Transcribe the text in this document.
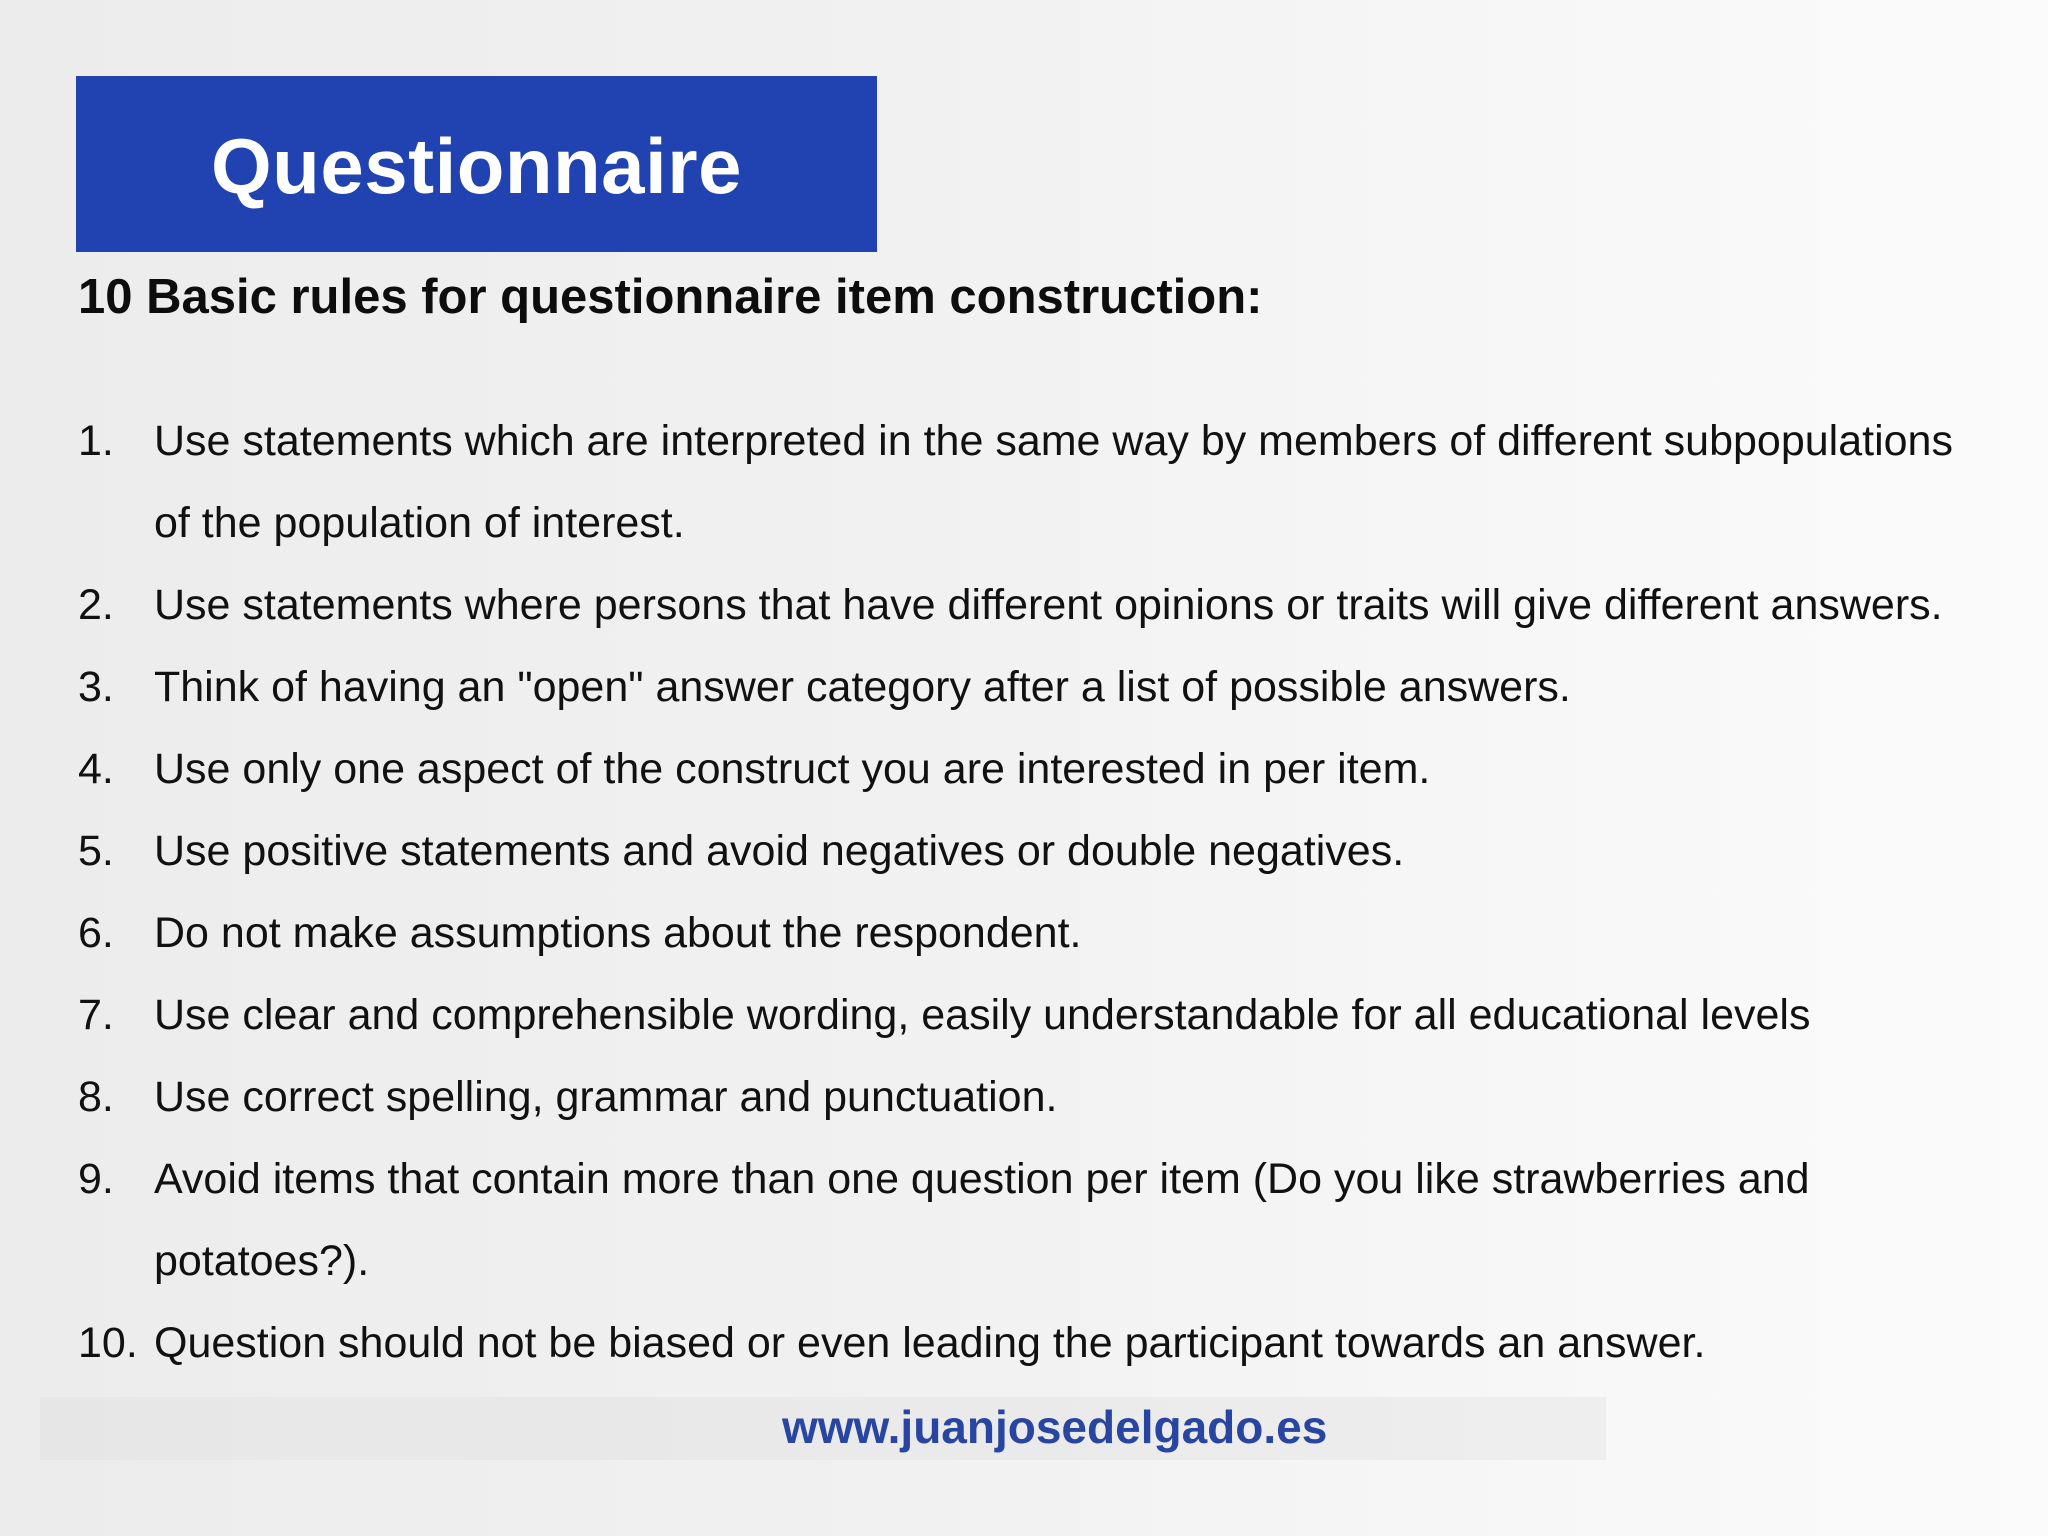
Questionnaire
10 Basic rules for questionnaire item construction:
1. Use statements which are interpreted in the same way by members of different subpopulations of the population of interest.
2. Use statements where persons that have different opinions or traits will give different answers.
3. Think of having an "open" answer category after a list of possible answers.
4. Use only one aspect of the construct you are interested in per item.
5. Use positive statements and avoid negatives or double negatives.
6. Do not make assumptions about the respondent.
7. Use clear and comprehensible wording, easily understandable for all educational levels
8. Use correct spelling, grammar and punctuation.
9. Avoid items that contain more than one question per item (Do you like strawberries and potatoes?).
10. Question should not be biased or even leading the participant towards an answer.
www.juanjosedelgado.es
